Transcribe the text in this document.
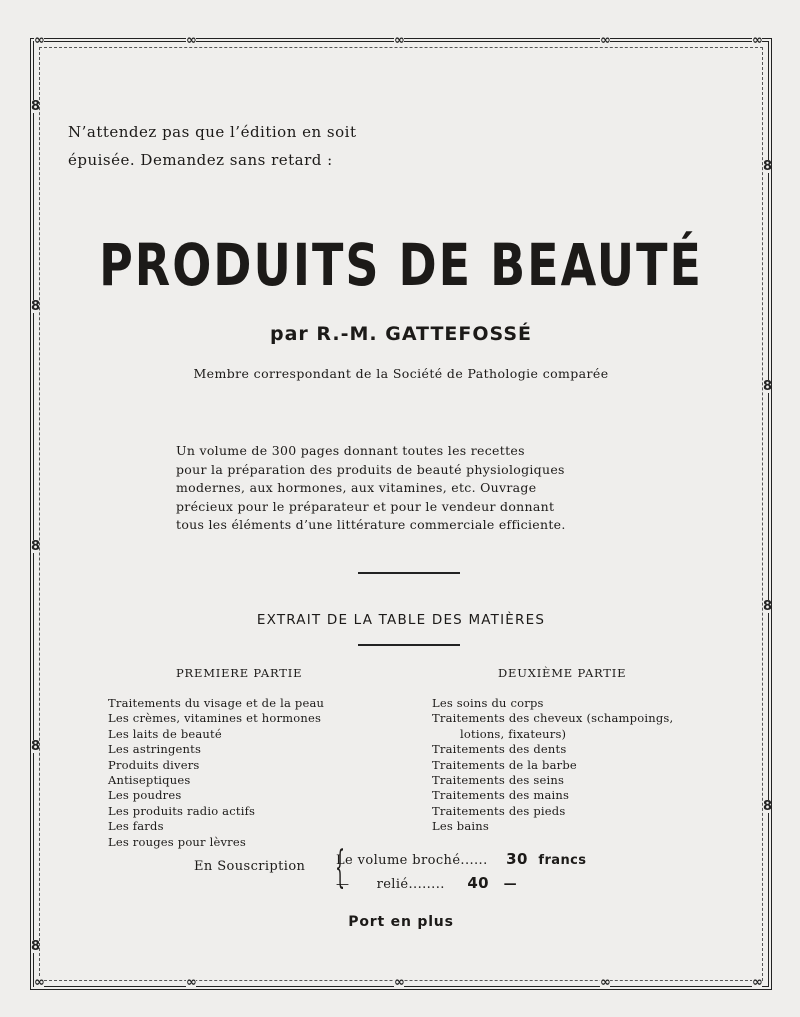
N’attendez pas que l’édition en soit
épuisée. Demandez sans retard :
PRODUITS DE BEAUTÉ
par R.-M. GATTEFOSSÉ
Membre correspondant de la Société de Pathologie comparée
Un volume de 300 pages donnant toutes les recettes
pour la préparation des produits de beauté physiologiques
modernes, aux hormones, aux vitamines, etc. Ouvrage
précieux pour le préparateur et pour le vendeur donnant
tous les éléments d’une littérature commerciale efficiente.
EXTRAIT DE LA TABLE DES MATIÈRES
PREMIERE PARTIE	DEUXIÈME PARTIE
Traitements du visage et de la peau
Les crèmes, vitamines et hormones
Les laits de beauté
Les astringents
Produits divers
Antiseptiques
Les poudres
Les produits radio actifs
Les fards
Les rouges pour lèvres
Les soins du corps
Traitements des cheveux (schampoings,
lotions, fixateurs)
Traitements des dents
Traitements de la barbe
Traitements des seins
Traitements des mains
Traitements des pieds
Les bains
En Souscription {
Le volume broché...... 30 francs
—      relié........ 40 —
Port en plus
∞	∞	∞	∞	∞
∞	∞	∞	∞	∞
8
8
8
8
8
8
8
8
8
